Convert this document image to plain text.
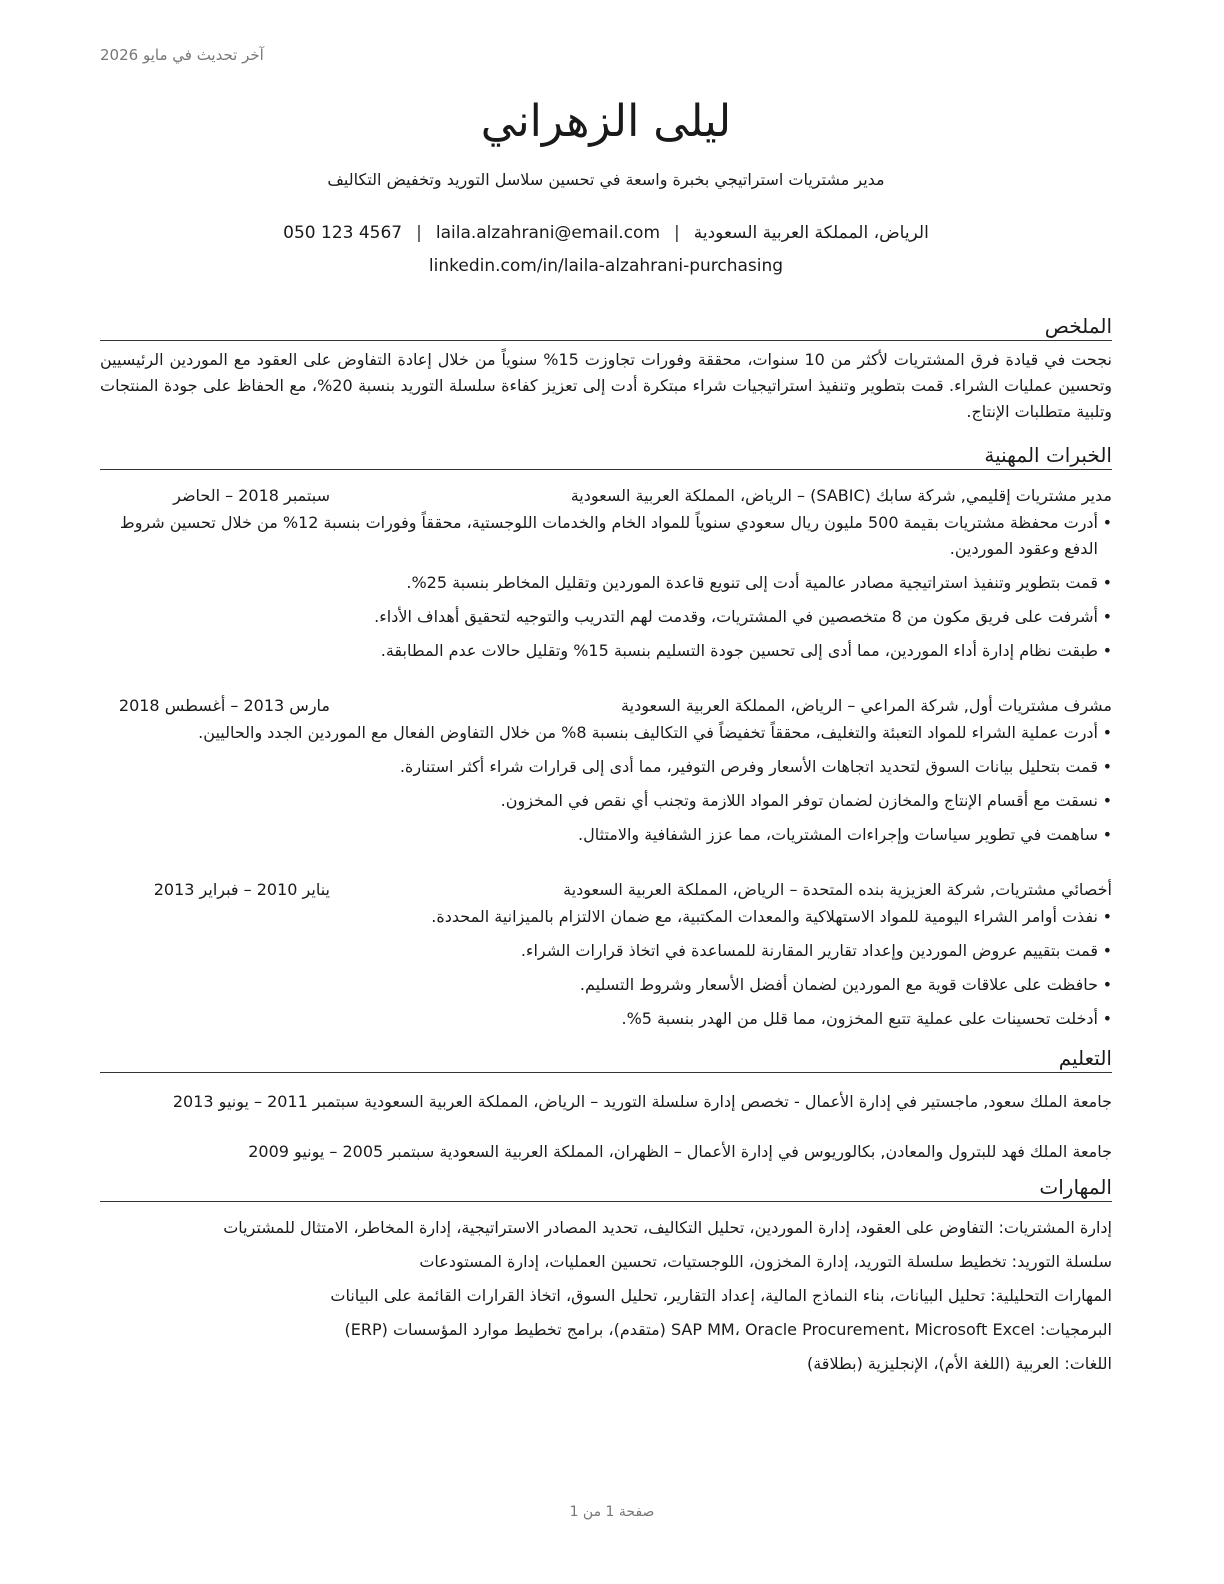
آخر تحديث في مايو 2026
ليلى الزهراني
مدير مشتريات استراتيجي بخبرة واسعة في تحسين سلاسل التوريد وتخفيض التكاليف
الرياض، المملكة العربية السعودية|laila.alzahrani@email.com|050 123 4567
linkedin.com/in/laila-alzahrani-purchasing
الملخص
نجحت في قيادة فرق المشتريات لأكثر من 10 سنوات، محققة وفورات تجاوزت 15% سنوياً من خلال إعادة التفاوض على العقود مع الموردين الرئيسيين وتحسين عمليات الشراء. قمت بتطوير وتنفيذ استراتيجيات شراء مبتكرة أدت إلى تعزيز كفاءة سلسلة التوريد بنسبة 20%، مع الحفاظ على جودة المنتجات وتلبية متطلبات الإنتاج.
الخبرات المهنية
مدير مشتريات إقليمي, شركة سابك (SABIC) – الرياض، المملكة العربية السعودية
سبتمبر 2018 – الحاضر
• أدرت محفظة مشتريات بقيمة 500 مليون ريال سعودي سنوياً للمواد الخام والخدمات اللوجستية، محققاً وفورات بنسبة 12% من خلال تحسين شروط الدفع وعقود الموردين.
• قمت بتطوير وتنفيذ استراتيجية مصادر عالمية أدت إلى تنويع قاعدة الموردين وتقليل المخاطر بنسبة 25%.
• أشرفت على فريق مكون من 8 متخصصين في المشتريات، وقدمت لهم التدريب والتوجيه لتحقيق أهداف الأداء.
• طبقت نظام إدارة أداء الموردين، مما أدى إلى تحسين جودة التسليم بنسبة 15% وتقليل حالات عدم المطابقة.
مشرف مشتريات أول, شركة المراعي – الرياض، المملكة العربية السعودية
مارس 2013 – أغسطس 2018
• أدرت عملية الشراء للمواد التعبئة والتغليف، محققاً تخفيضاً في التكاليف بنسبة 8% من خلال التفاوض الفعال مع الموردين الجدد والحاليين.
• قمت بتحليل بيانات السوق لتحديد اتجاهات الأسعار وفرص التوفير، مما أدى إلى قرارات شراء أكثر استنارة.
• نسقت مع أقسام الإنتاج والمخازن لضمان توفر المواد اللازمة وتجنب أي نقص في المخزون.
• ساهمت في تطوير سياسات وإجراءات المشتريات، مما عزز الشفافية والامتثال.
أخصائي مشتريات, شركة العزيزية بنده المتحدة – الرياض، المملكة العربية السعودية
يناير 2010 – فبراير 2013
• نفذت أوامر الشراء اليومية للمواد الاستهلاكية والمعدات المكتبية، مع ضمان الالتزام بالميزانية المحددة.
• قمت بتقييم عروض الموردين وإعداد تقارير المقارنة للمساعدة في اتخاذ قرارات الشراء.
• حافظت على علاقات قوية مع الموردين لضمان أفضل الأسعار وشروط التسليم.
• أدخلت تحسينات على عملية تتبع المخزون، مما قلل من الهدر بنسبة 5%.
التعليم
جامعة الملك سعود, ماجستير في إدارة الأعمال - تخصص إدارة سلسلة التوريد – الرياض، المملكة العربية السعودية سبتمبر 2011 – يونيو 2013
جامعة الملك فهد للبترول والمعادن, بكالوريوس في إدارة الأعمال – الظهران، المملكة العربية السعودية سبتمبر 2005 – يونيو 2009
المهارات
إدارة المشتريات: التفاوض على العقود، إدارة الموردين، تحليل التكاليف، تحديد المصادر الاستراتيجية، إدارة المخاطر، الامتثال للمشتريات
سلسلة التوريد: تخطيط سلسلة التوريد، إدارة المخزون، اللوجستيات، تحسين العمليات، إدارة المستودعات
المهارات التحليلية: تحليل البيانات، بناء النماذج المالية، إعداد التقارير، تحليل السوق، اتخاذ القرارات القائمة على البيانات
البرمجيات: SAP MM، Oracle Procurement، Microsoft Excel (متقدم)، برامج تخطيط موارد المؤسسات (ERP)
اللغات: العربية (اللغة الأم)، الإنجليزية (بطلاقة)
صفحة 1 من 1
